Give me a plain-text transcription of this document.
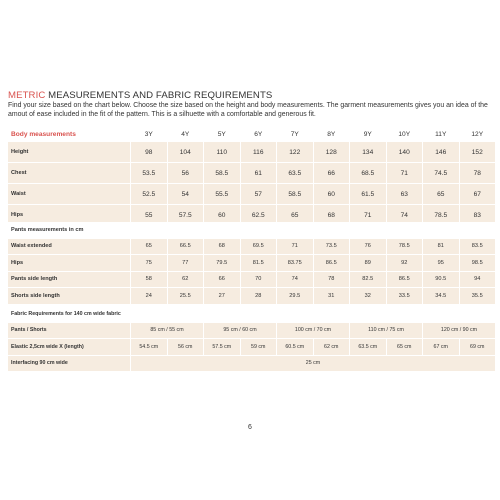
METRIC MEASUREMENTS AND FABRIC REQUIREMENTS
Find your size based on the chart below. Choose the size based on the height and body measurements. The garment measurements gives you an idea of the amout of ease included in the fit of the pattern. This is a silhuette with a comfortable and generous fit.
Body measurements	3Y	4Y	5Y	6Y	7Y	8Y	9Y	10Y	11Y	12Y
Height	98	104	110	116	122	128	134	140	146	152
Chest	53.5	56	58.5	61	63.5	66	68.5	71	74.5	78
Waist	52.5	54	55.5	57	58.5	60	61.5	63	65	67
Hips	55	57.5	60	62.5	65	68	71	74	78.5	83
Pants measurements in cm										
Waist extended	65	66.5	68	69.5	71	73.5	76	78.5	81	83.5
Hips	75	77	79.5	81.5	83.75	86.5	89	92	95	98.5
Pants side length	58	62	66	70	74	78	82.5	86.5	90.5	94
Shorts side length	24	25.5	27	28	29.5	31	32	33.5	34.5	35.5
Fabric Requirements for 140 cm wide fabric										
Pants / Shorts	85 cm / 55 cm		95 cm / 60 cm		100 cm / 70 cm		110 cm / 75 cm		120 cm / 90 cm	
Elastic 2,5cm wide X (length)	54.5 cm	56 cm	57.5 cm	59 cm	60.5 cm	62 cm	63.5 cm	65 cm	67 cm	69 cm
Interfacing 90 cm wide	25 cm									
6
